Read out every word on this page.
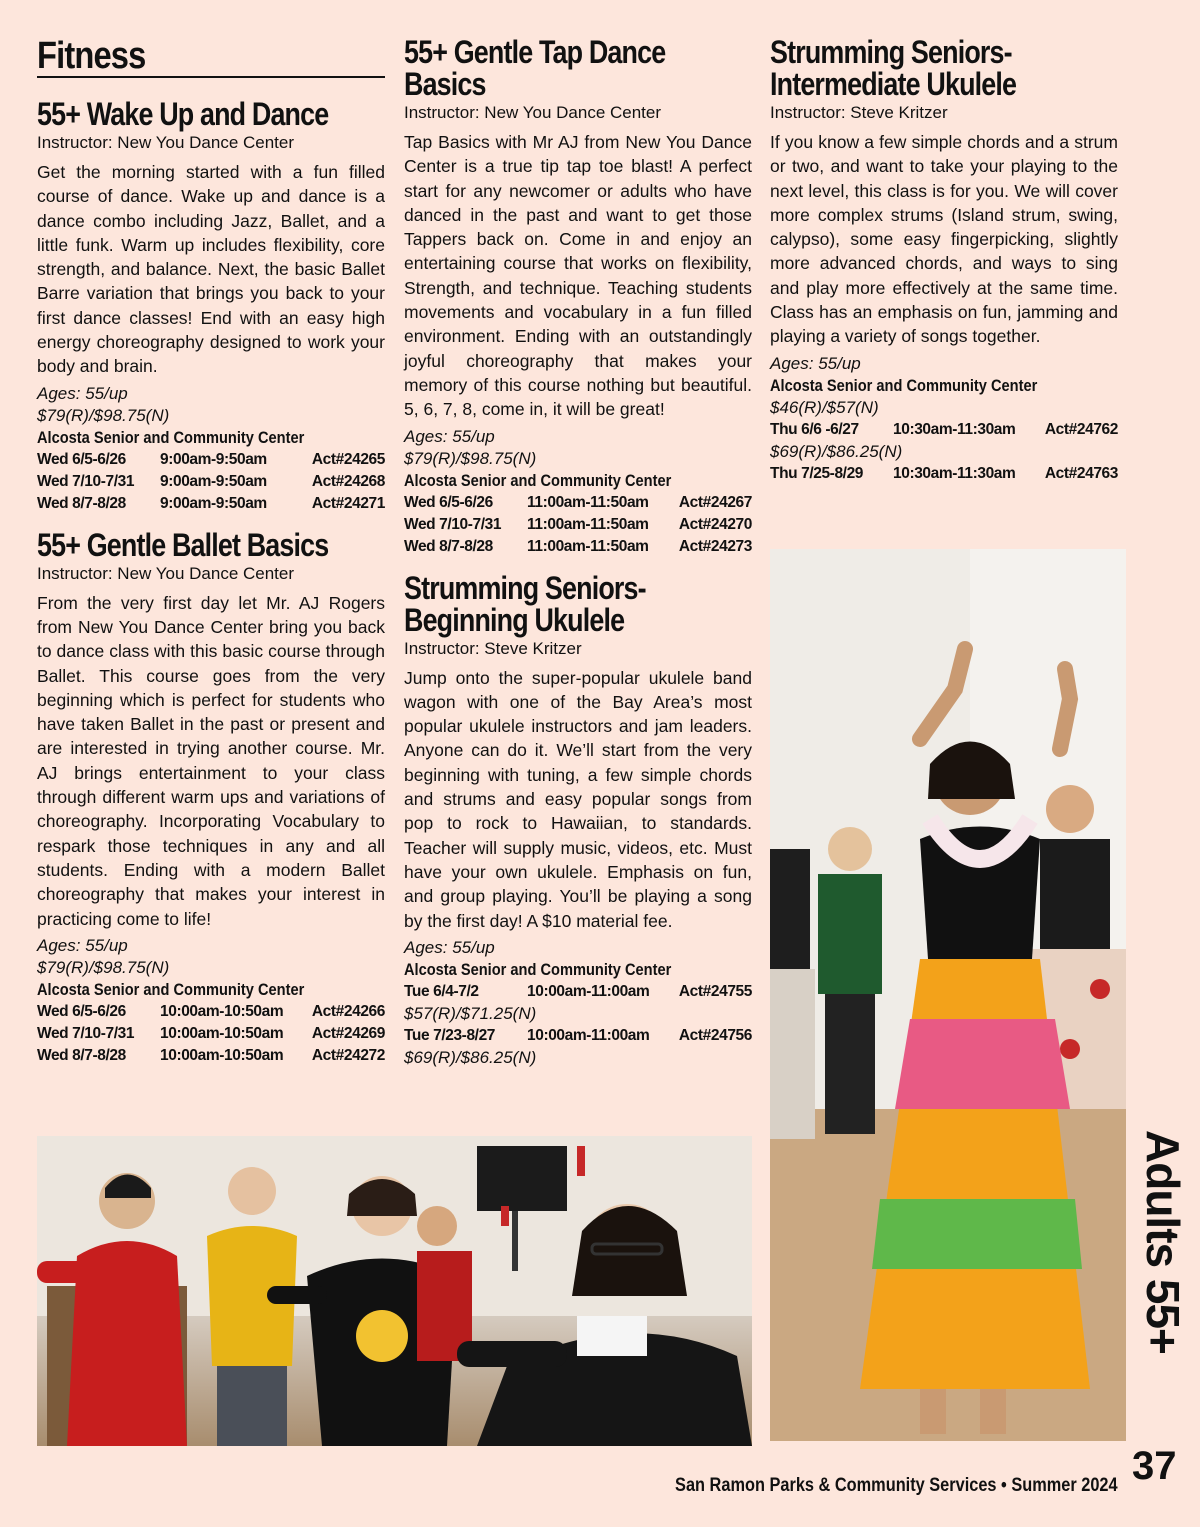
Fitness
55+ Wake Up and Dance

Instructor: New You Dance Center

Get the morning started with a fun filled course of dance. Wake up and dance is a dance combo including Jazz, Ballet, and a little funk. Warm up includes flexibility, core strength, and balance. Next, the basic Ballet Barre variation that brings you back to your first dance classes! End with an easy high energy choreography designed to work your body and brain.

Ages: 55/up

$79(R)/$98.75(N)

Alcosta Senior and Community Center

Wed 6/5-6/26	9:00am-9:50am	Act#24265
Wed 7/10-7/31	9:00am-9:50am	Act#24268
Wed 8/7-8/28	9:00am-9:50am	Act#24271
55+ Gentle Ballet Basics

Instructor: New You Dance Center

From the very first day let Mr. AJ Rogers from New You Dance Center bring you back to dance class with this basic course through Ballet. This course goes from the very beginning which is perfect for students who have taken Ballet in the past or present and are interested in trying another course. Mr. AJ brings entertainment to your class through different warm ups and variations of choreography. Incorporating Vocabulary to respark those techniques in any and all students. Ending with a modern Ballet choreography that makes your interest in practicing come to life!

Ages: 55/up

$79(R)/$98.75(N)

Alcosta Senior and Community Center

Wed 6/5-6/26	10:00am-10:50am	Act#24266
Wed 7/10-7/31	10:00am-10:50am	Act#24269
Wed 8/7-8/28	10:00am-10:50am	Act#24272
55+ Gentle Tap Dance
Basics

Instructor: New You Dance Center

Tap Basics with Mr AJ from New You Dance Center is a true tip tap toe blast! A perfect start for any newcomer or adults who have danced in the past and want to get those Tappers back on. Come in and enjoy an entertaining course that works on flexibility, Strength, and technique. Teaching students movements and vocabulary in a fun filled environment. Ending with an outstandingly joyful choreography that makes your memory of this course nothing but beautiful. 5, 6, 7, 8, come in, it will be great!

Ages: 55/up

$79(R)/$98.75(N)

Alcosta Senior and Community Center

Wed 6/5-6/26	11:00am-11:50am	Act#24267
Wed 7/10-7/31	11:00am-11:50am	Act#24270
Wed 8/7-8/28	11:00am-11:50am	Act#24273
Strumming Seniors-
Beginning Ukulele

Instructor: Steve Kritzer

Jump onto the super-popular ukulele band wagon with one of the Bay Area’s most popular ukulele instructors and jam leaders. Anyone can do it. We’ll start from the very beginning with tuning, a few simple chords and strums and easy popular songs from pop to rock to Hawaiian, to standards. Teacher will supply music, videos, etc. Must have your own ukulele. Emphasis on fun, and group playing. You’ll be playing a song by the first day! A $10 material fee.

Ages: 55/up

Alcosta Senior and Community Center

Tue 6/4-7/2	10:00am-11:00am	Act#24755

$57(R)/$71.25(N)

Tue 7/23-8/27	10:00am-11:00am	Act#24756

$69(R)/$86.25(N)

Strumming Seniors-
Intermediate Ukulele

Instructor: Steve Kritzer

If you know a few simple chords and a strum or two, and want to take your playing to the next level, this class is for you. We will cover more complex strums (Island strum, swing, calypso), some easy fingerpicking, slightly more advanced chords, and ways to sing and play more effectively at the same time. Class has an emphasis on fun, jamming and playing a variety of songs together.

Ages: 55/up

Alcosta Senior and Community Center

$46(R)/$57(N)

Thu 6/6 -6/27	10:30am-11:30am	Act#24762

$69(R)/$86.25(N)

Thu 7/25-8/29	10:30am-11:30am	Act#24763
Adults 55+
San Ramon Parks & Community Services • Summer 2024 37
